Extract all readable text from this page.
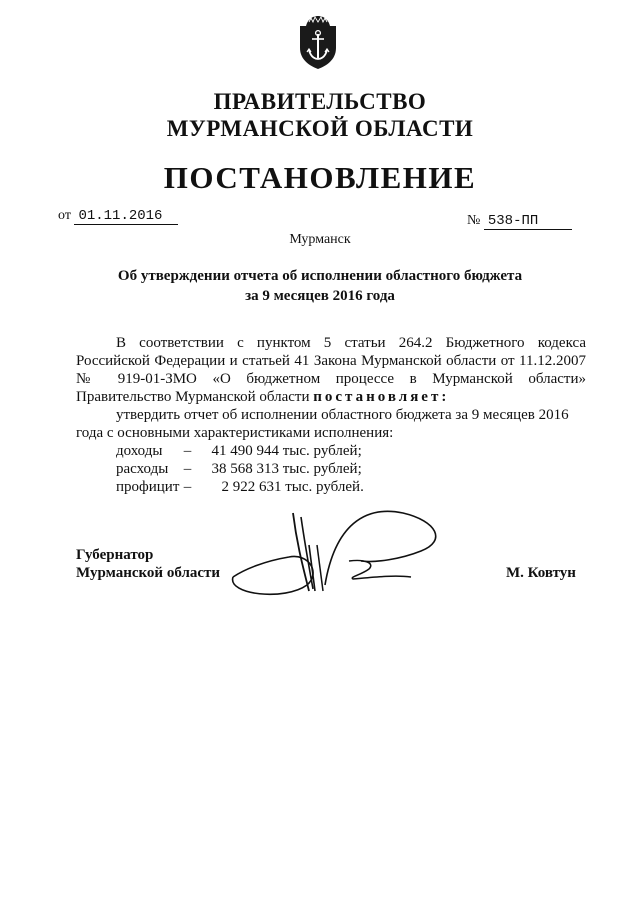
ПРАВИТЕЛЬСТВО
МУРМАНСКОЙ ОБЛАСТИ
ПОСТАНОВЛЕНИЕ
от 01.11.2016	№ 538-ПП
Мурманск
Об утверждении отчета об исполнении областного бюджета
за 9 месяцев 2016 года
В соответствии с пунктом 5 статьи 264.2 Бюджетного кодекса
Российской Федерации и статьей 41 Закона Мурманской области от 11.12.2007
№ 919-01-ЗМО «О бюджетном процессе в Мурманской области»
Правительство Мурманской области постановляет:
утвердить отчет об исполнении областного бюджета за 9 месяцев 2016
года с основными характеристиками исполнения:
доходы – 41 490 944 тыс. рублей;
расходы – 38 568 313 тыс. рублей;
профицит – 2 922 631 тыс. рублей.
Губернатор
Мурманской области	М. Ковтун
